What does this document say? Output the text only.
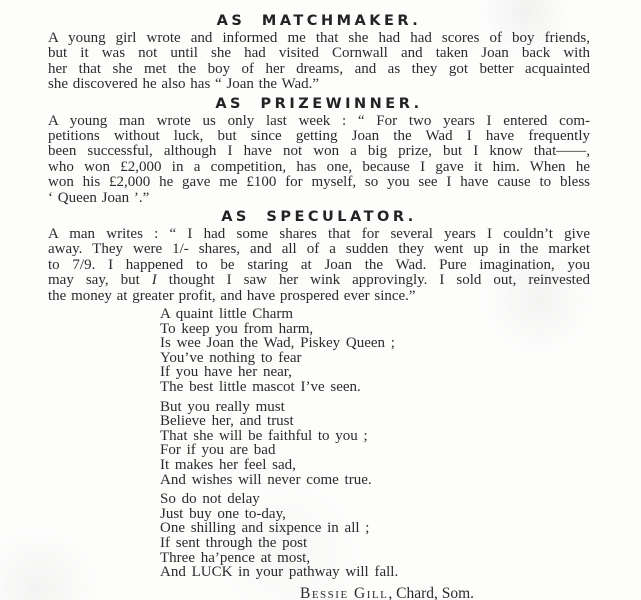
AS MATCHMAKER.
A young girl wrote and informed me that she had had scores of boy friends,
but it was not until she had visited Cornwall and taken Joan back with
her that she met the boy of her dreams, and as they got better acquainted
she discovered he also has “ Joan the Wad.”
AS PRIZEWINNER.
A young man wrote us only last week : “ For two years I entered com-
petitions without luck, but since getting Joan the Wad I have frequently
been successful, although I have not won a big prize, but I know that——,
who won £2,000 in a competition, has one, because I gave it him. When he
won his £2,000 he gave me £100 for myself, so you see I have cause to bless
‘ Queen Joan ’.”
AS SPECULATOR.
A man writes : “ I had some shares that for several years I couldn’t give
away. They were 1/- shares, and all of a sudden they went up in the market
to 7/9. I happened to be staring at Joan the Wad. Pure imagination, you
may say, but I thought I saw her wink approvingly. I sold out, reinvested
the money at greater profit, and have prospered ever since.”
A quaint little Charm
To keep you from harm,
Is wee Joan the Wad, Piskey Queen ;
You’ve nothing to fear
If you have her near,
The best little mascot I’ve seen.
But you really must
Believe her, and trust
That she will be faithful to you ;
For if you are bad
It makes her feel sad,
And wishes will never come true.
So do not delay
Just buy one to-day,
One shilling and sixpence in all ;
If sent through the post
Three ha’pence at most,
And LUCK in your pathway will fall.
Bessie Gill, Chard, Som.
